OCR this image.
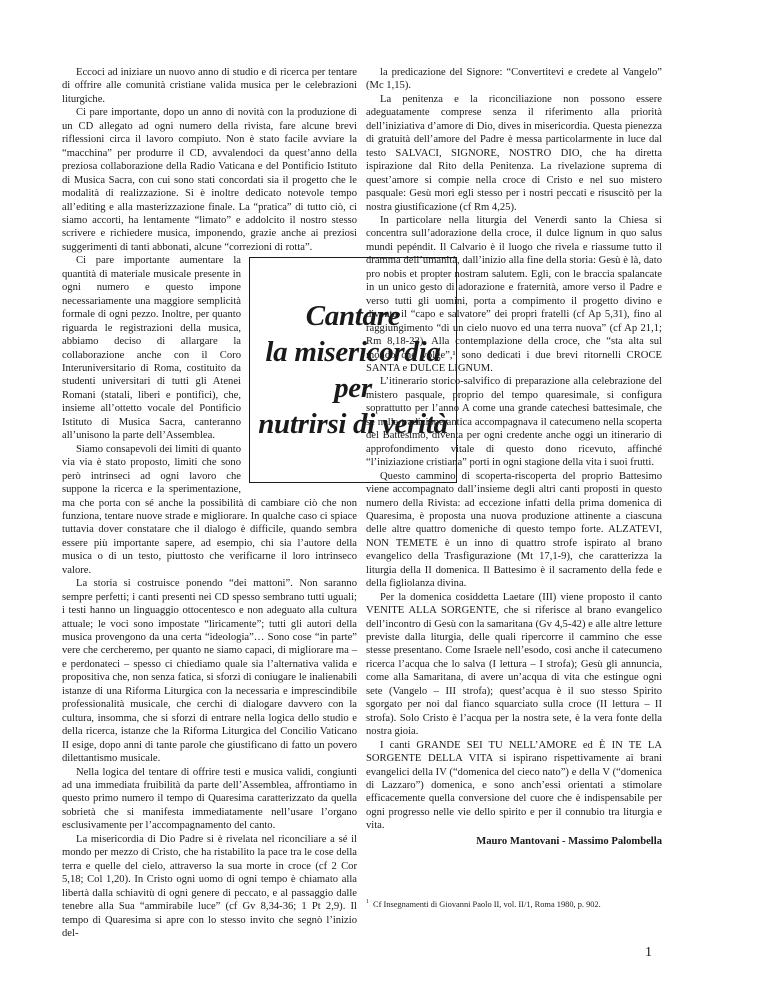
Eccoci ad iniziare un nuovo anno di studio e di ricerca per tentare di offrire alle comunità cristiane valida musica per le celebrazioni liturgiche.

Ci pare importante, dopo un anno di novità con la produzione di un CD allegato ad ogni numero della rivista, fare alcune brevi riflessioni circa il lavoro compiuto. Non è stato facile avviare la “macchina” per produrre il CD, avvalendoci da quest’anno della preziosa collaborazione della Radio Vaticana e del Pontificio Istituto di Musica Sacra, con cui sono stati concordati sia il progetto che le modalità di realizzazione. Si è inoltre dedicato notevole tempo all’editing e alla masterizzazione finale. La “pratica” di tutto ciò, ci siamo accorti, ha lentamente “limato” e addolcito il nostro stesso scrivere e richiedere musica, imponendo, grazie anche ai preziosi suggerimenti di tanti abbonati, alcune “correzioni di rotta”.

Cantare
la misericordia
per
nutrirsi di verità

Ci pare importante aumentare la quantità di materiale musicale presente in ogni numero e questo impone necessariamente una maggiore semplicità formale di ogni pezzo. Inoltre, per quanto riguarda le registrazioni della musica, abbiamo deciso di allargare la collaborazione anche con il Coro Interuniversitario di Roma, costituito da studenti universitari di tutti gli Atenei Romani (statali, liberi e pontifici), che, insieme all’ottetto vocale del Pontificio Istituto di Musica Sacra, canteranno all’unisono la parte dell’Assemblea.

Siamo consapevoli dei limiti di quanto via via è stato proposto, limiti che sono però intrinseci ad ogni lavoro che suppone la ricerca e la sperimentazione, ma che porta con sé anche la possibilità di cambiare ciò che non funziona, tentare nuove strade e migliorare. In qualche caso ci spiace tuttavia dover constatare che il dialogo è difficile, quando sembra essere più importante sapere, ad esempio, chi sia l’autore della musica o di un testo, piuttosto che verificarne il loro intrinseco valore.

La storia si costruisce ponendo “dei mattoni”. Non saranno sempre perfetti; i canti presenti nei CD spesso sembrano tutti uguali; i testi hanno un linguaggio ottocentesco e non adeguato alla cultura attuale; le voci sono impostate “liricamente”; tutti gli autori della musica provengono da una certa “ideologia”… Sono cose “in parte” vere che cercheremo, per quanto ne siamo capaci, di migliorare ma – e perdonateci – spesso ci chiediamo quale sia l’alternativa valida e propositiva che, non senza fatica, si sforzi di coniugare le inalienabili istanze di una Riforma Liturgica con la necessaria e imprescindibile professionalità musicale, che cerchi di dialogare davvero con la cultura, insomma, che si sforzi di entrare nella logica dello studio e della ricerca, istanze che la Riforma Liturgica del Concilio Vaticano II esige, dopo anni di tante parole che giustificano di fatto un povero dilettantismo musicale.

Nella logica del tentare di offrire testi e musica validi, congiunti ad una immediata fruibilità da parte dell’Assemblea, affrontiamo in questo primo numero il tempo di Quaresima caratterizzato da quella sobrietà che si manifesta immediatamente nell’usare l’organo esclusivamente per l’accompagnamento del canto.

La misericordia di Dio Padre si è rivelata nel riconciliare a sé il mondo per mezzo di Cristo, che ha ristabilito la pace tra le cose della terra e quelle del cielo, attraverso la sua morte in croce (cf 2 Cor 5,18; Col 1,20). In Cristo ogni uomo di ogni tempo è chiamato alla libertà dalla schiavitù di ogni genere di peccato, e al passaggio dalle tenebre alla Sua “ammirabile luce” (cf Gv 8,34-36; 1 Pt 2,9). Il tempo di Quaresima si apre con lo stesso invito che segnò l’inizio del-

la predicazione del Signore: “Convertitevi e credete al Vangelo” (Mc 1,15).

La penitenza e la riconciliazione non possono essere adeguatamente comprese senza il riferimento alla priorità dell’iniziativa d’amore di Dio, dives in misericordia. Questa pienezza di gratuità dell’amore del Padre è messa particolarmente in luce dal testo SALVACI, SIGNORE, NOSTRO DIO, che ha diretta ispirazione dal Rito della Penitenza. La rivelazione suprema di quest’amore si compie nella croce di Cristo e nel suo mistero pasquale: Gesù morì egli stesso per i nostri peccati e risuscitò per la nostra giustificazione (cf Rm 4,25).

In particolare nella liturgia del Venerdì santo la Chiesa si concentra sull’adorazione della croce, il dulce lignum in quo salus mundi pepéndit. Il Calvario è il luogo che rivela e riassume tutto il dramma dell’umanità, dall’inizio alla fine della storia: Gesù è là, dato pro nobis et propter nostram salutem. Egli, con le braccia spalancate in un unico gesto di adorazione e fraternità, amore verso il Padre e verso tutti gli uomini, porta a compimento il progetto divino e diventa il “capo e salvatore” dei propri fratelli (cf Ap 5,31), fino al raggiungimento “di un cielo nuovo ed una terra nuova” (cf Ap 21,1; Rm 8,18-23). Alla contemplazione della croce, che “sta alta sul mondo che volge”,¹ sono dedicati i due brevi ritornelli CROCE SANTA e DULCE LIGNUM.

L’itinerario storico-salvifico di preparazione alla celebrazione del mistero pasquale, proprio del tempo quaresimale, si configura soprattutto per l’anno A come una grande catechesi battesimale, che se nella tradizione antica accompagnava il catecumeno nella scoperta del Battesimo, diventa per ogni credente anche oggi un itinerario di approfondimento vitale di questo dono ricevuto, affinché “l’iniziazione cristiana” porti in ogni stagione della vita i suoi frutti.

Questo cammino di scoperta-riscoperta del proprio Battesimo viene accompagnato dall’insieme degli altri canti proposti in questo numero della Rivista: ad eccezione infatti della prima domenica di Quaresima, è proposta una nuova produzione attinente a ciascuna delle altre quattro domeniche di questo tempo forte. ALZATEVI, NON TEMETE è un inno di quattro strofe ispirato al brano evangelico della Trasfigurazione (Mt 17,1-9), che caratterizza la liturgia della II domenica. Il Battesimo è il sacramento della fede e della figliolanza divina.

Per la domenica cosiddetta Laetare (III) viene proposto il canto VENITE ALLA SORGENTE, che si riferisce al brano evangelico dell’incontro di Gesù con la samaritana (Gv 4,5-42) e alle altre letture previste dalla liturgia, delle quali ripercorre il cammino che esse stesse presentano. Come Israele nell’esodo, così anche il catecumeno ricerca l’acqua che lo salva (I lettura – I strofa); Gesù gli annuncia, come alla Samaritana, di avere un’acqua di vita che estingue ogni sete (Vangelo – III strofa); quest’acqua è il suo stesso Spirito sgorgato per noi dal fianco squarciato sulla croce (II lettura – II strofa). Solo Cristo è l’acqua per la nostra sete, è la vera fonte della nostra gioia.

I canti GRANDE SEI TU NELL’AMORE ed È IN TE LA SORGENTE DELLA VITA si ispirano rispettivamente ai brani evangelici della IV (“domenica del cieco nato”) e della V (“domenica di Lazzaro”) domenica, e sono anch’essi orientati a stimolare efficacemente quella conversione del cuore che è indispensabile per ogni progresso nelle vie dello spirito e per il connubio tra liturgia e vita.

Mauro Mantovani - Massimo Palombella

$^1$ Cf Insegnamenti di Giovanni Paolo II, vol. II/1, Roma 1980, p. 902.
1
